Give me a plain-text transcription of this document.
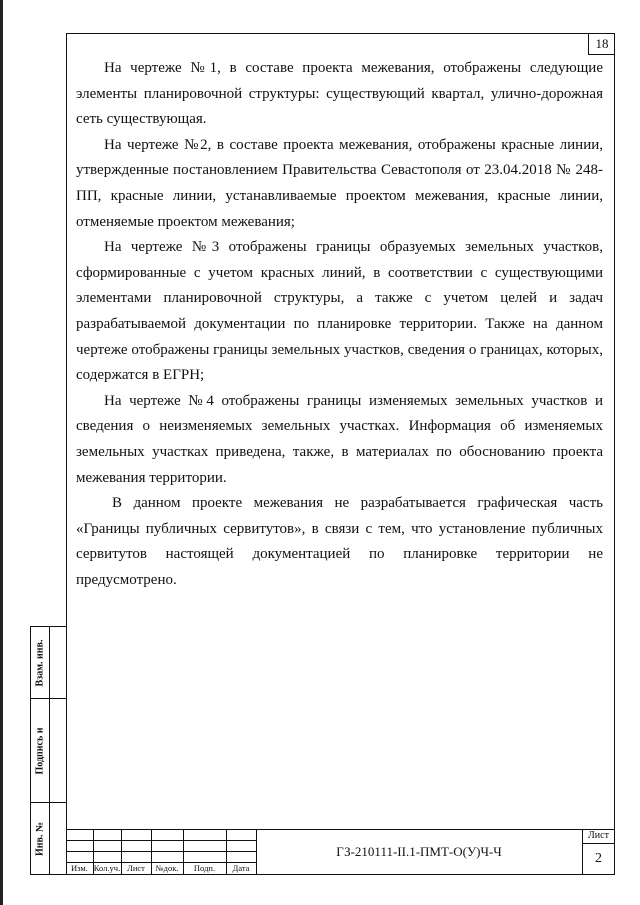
18

На чертеже №1, в составе проекта межевания, отображены следующие элементы планировочной структуры: существующий квартал, улично-дорожная сеть существующая.

На чертеже №2, в составе проекта межевания, отображены красные линии, утвержденные постановлением Правительства Севастополя от 23.04.2018 № 248-ПП, красные линии, устанавливаемые проектом межевания, красные линии, отменяемые проектом межевания;

На чертеже №3 отображены границы образуемых земельных участков, сформированные с учетом красных линий, в соответствии с существующими элементами планировочной структуры, а также с учетом целей и задач разрабатываемой документации по планировке территории. Также на данном чертеже отображены границы земельных участков, сведения о границах, которых, содержатся в ЕГРН;

На чертеже №4 отображены границы изменяемых земельных участков и сведения о неизменяемых земельных участках. Информация об изменяемых земельных участках приведена, также, в материалах по обоснованию проекта межевания территории.

В данном проекте межевания не разрабатывается графическая часть «Границы публичных сервитутов», в связи с тем, что установление публичных сервитутов настоящей документацией по планировке территории не предусмотрено.

Взам. инв.
Подпись и
Инв. №
Изм. Кол.уч. Лист	№док.	Подп.	Дата
ГЗ-210111-II.1-ПМТ-О(У)Ч-Ч
Лист
2
